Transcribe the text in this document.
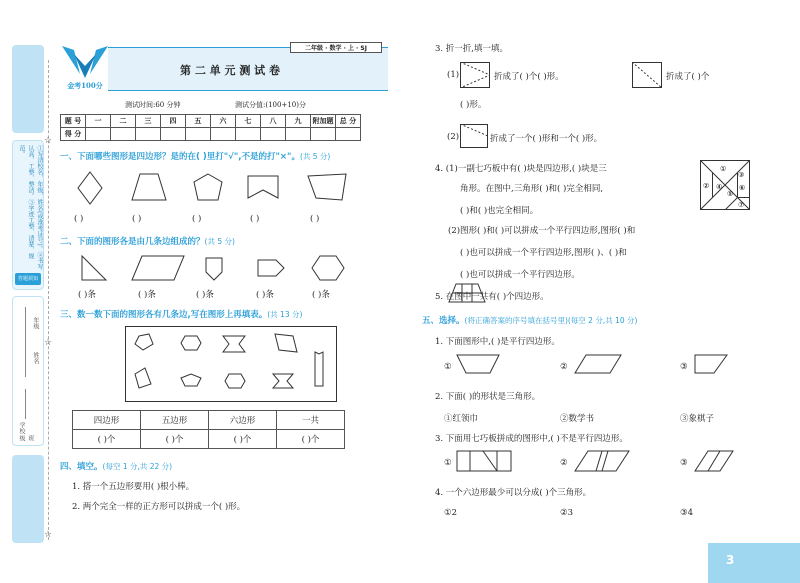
①写清校名、年级、姓名(或准考证号)。②书写认真、工整、整洁。③字迹工整、清楚、规范。
答题须知
年级
姓名
学校
班级
☆
☆
☆
金考100分
二年级 · 数学 · 上 · SJ
第 二 单 元 测 试 卷
测试时间:60 分钟	测试分值:(100+10)分
题 号	一	二	三	四	五	六	七	八	九	附加题	总 分
得 分											
一、下面哪些图形是四边形？是的在( )里打"√",不是的打"×"。(共 5 分)
( )	( )	( )	( )	( )
二、下面的图形各是由几条边组成的？(共 5 分)
( )条	( )条	( )条	( )条	( )条
三、数一数下面的图形各有几条边,写在图形上再填表。(共 13 分)
四边形	五边形	六边形	一共
( )个	( )个	( )个	( )个
四、填空。(每空 1 分,共 22 分)
1. 搭一个五边形要用( )根小棒。
2. 两个完全一样的正方形可以拼成一个( )形。
3. 折一折,填一填。
(1)	折成了( )个( )形。	折成了( )个
( )形。
(2)	折成了一个( )形和一个( )形。
4. (1)一副七巧板中有( )块是四边形,( )块是三
角形。在图中,三角形( )和( )完全相同,
( )和( )也完全相同。
①
②
③
④
⑤
⑥
⑦
(2)图形( )和( )可以拼成一个平行四边形,图形( )和
( )也可以拼成一个平行四边形,图形( )、( )和
( )也可以拼成一个平行四边形。
5. 在图中一共有( )个四边形。
五、选择。(将正确答案的序号填在括号里)(每空 2 分,共 10 分)
1. 下面图形中,( )是平行四边形。
①	②	③
2. 下面( )的形状是三角形。
①红领巾	②数学书	③象棋子
3. 下面用七巧板拼成的图形中,( )不是平行四边形。
①	②	③
4. 一个六边形最少可以分成( )个三角形。
①2	②3	③4
3
